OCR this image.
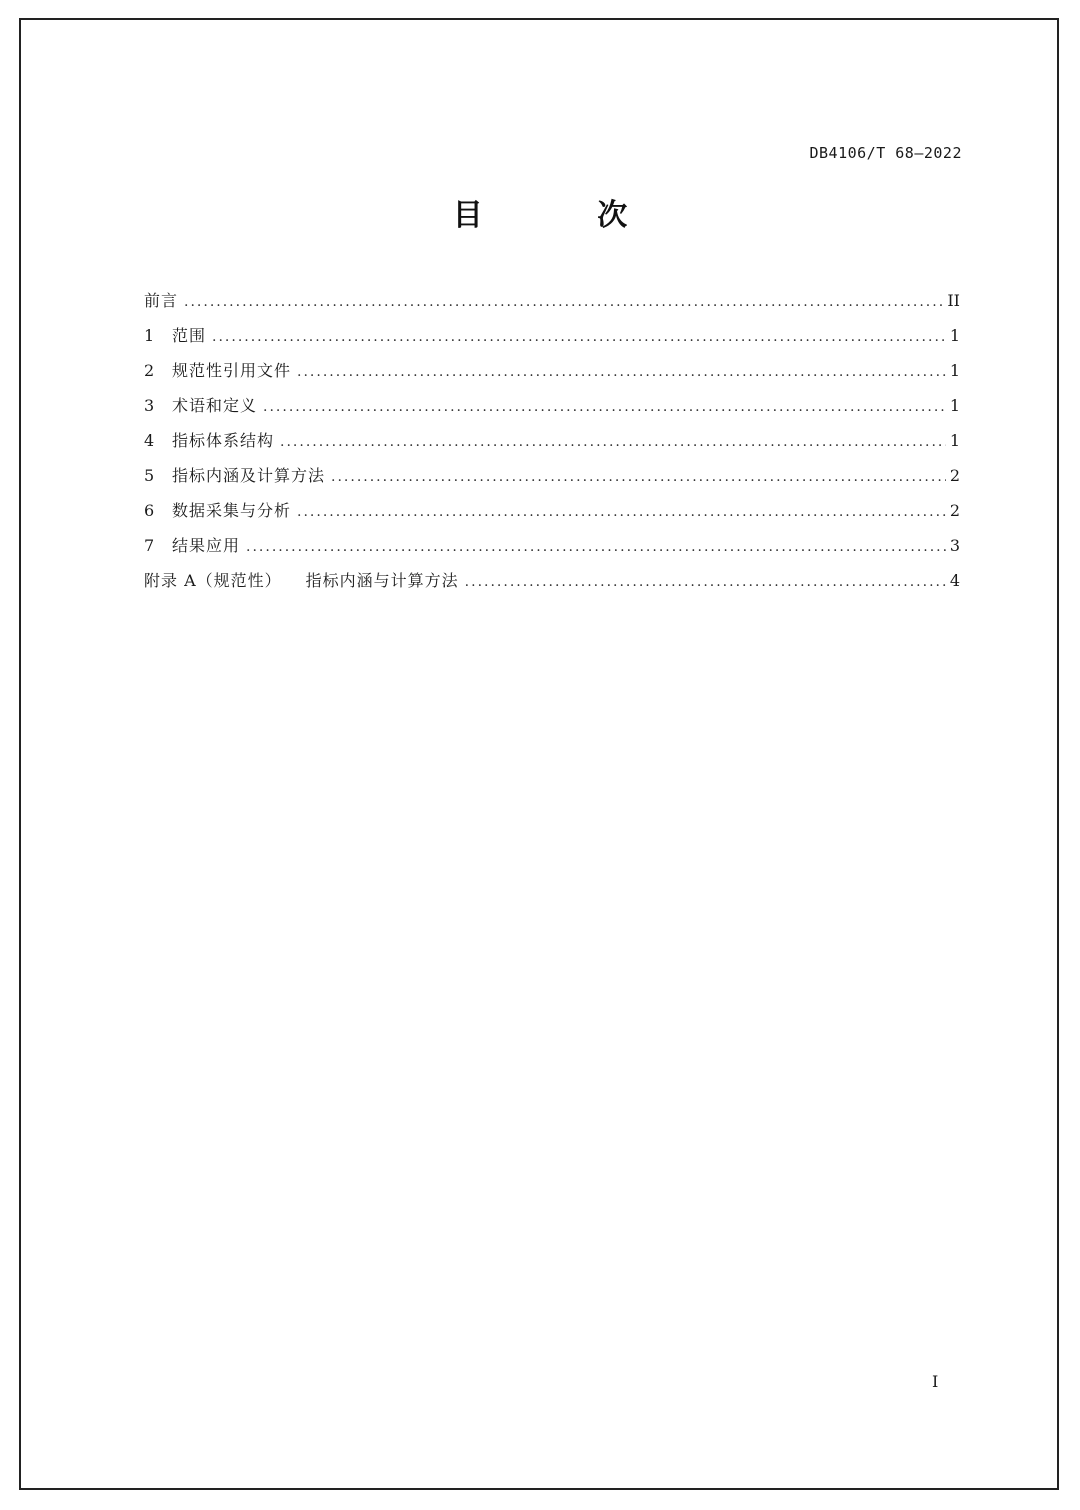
DB4106/T 68—2022
目 次
前言 .....	II
1	范围 .....	1
2	规范性引用文件 .....	1
3	术语和定义 .....	1
4	指标体系结构 .....	1
5	指标内涵及计算方法 .....	2
6	数据采集与分析 .....	2
7	结果应用 .....	3
附录 A（规范性） 指标内涵与计算方法 .....	4
I
